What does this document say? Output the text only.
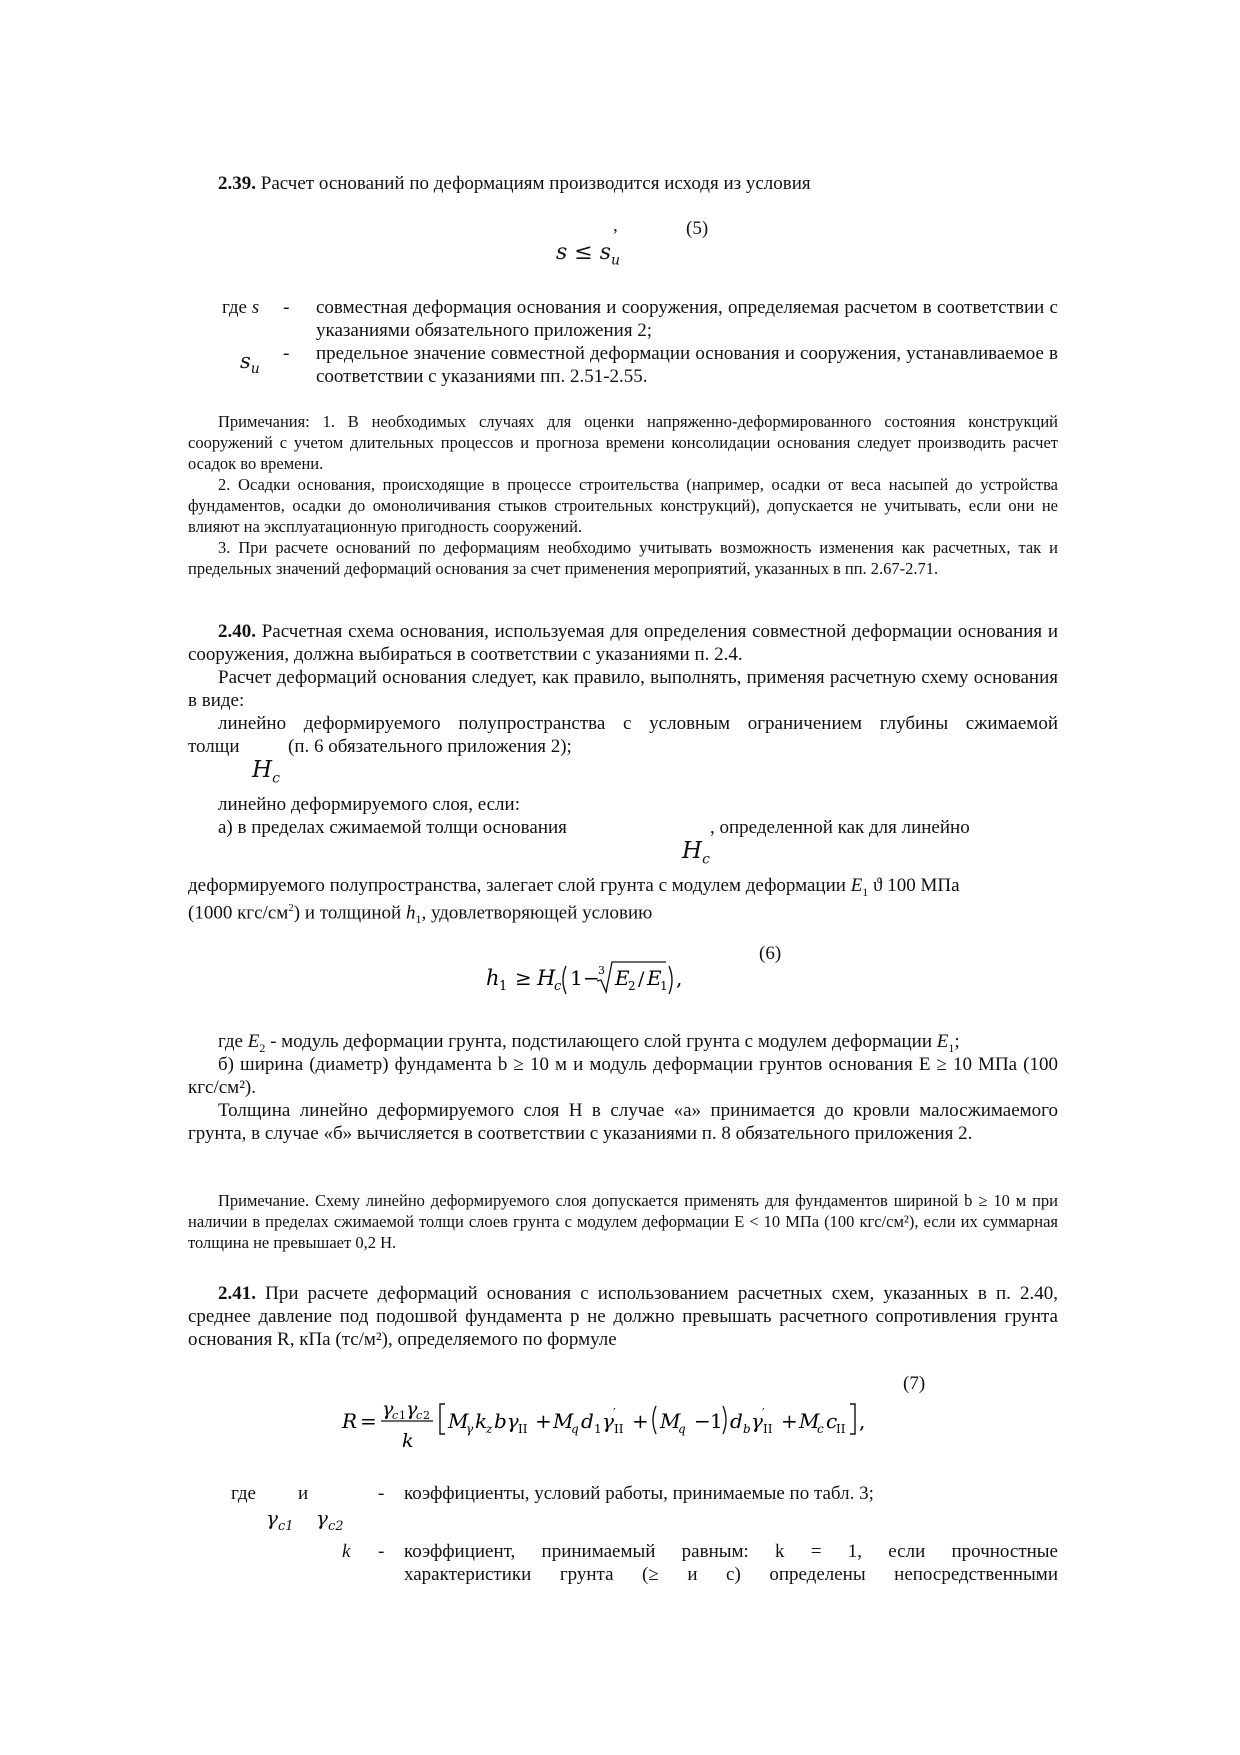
2.39. Расчет оснований по деформациям производится исходя из условия
,	(5)
$s \le s_u$
где s - совместная деформация основания и сооружения, определяемая расчетом в соответствии с указаниями обязательного приложения 2;
$s_u$
- предельное значение совместной деформации основания и сооружения, устанавливаемое в соответствии с указаниями пп. 2.51-2.55.
Примечания: 1. В необходимых случаях для оценки напряженно-деформированного состояния конструкций сооружений с учетом длительных процессов и прогноза времени консолидации основания следует производить расчет осадок во времени.
2. Осадки основания, происходящие в процессе строительства (например, осадки от веса насыпей до устройства фундаментов, осадки до омоноличивания стыков строительных конструкций), допускается не учитывать, если они не влияют на эксплуатационную пригодность сооружений.
3. При расчете оснований по деформациям необходимо учитывать возможность изменения как расчетных, так и предельных значений деформаций основания за счет применения мероприятий, указанных в пп. 2.67-2.71.
2.40. Расчетная схема основания, используемая для определения совместной деформации основания и сооружения, должна выбираться в соответствии с указаниями п. 2.4.
Расчет деформаций основания следует, как правило, выполнять, применяя расчетную схему основания в виде:
линейно деформируемого полупространства с условным ограничением глубины сжимаемой
толщи	(п. 6 обязательного приложения 2);
$H_c$
линейно деформируемого слоя, если:
а) в пределах сжимаемой толщи основания	, определенной как для линейно
$H_c$
деформируемого полупространства, залегает слой грунта с модулем деформации $E_1$ ϑ 100 МПа
(1000 кгс/$см^2$) и толщиной $h_1$, удовлетворяющей условию
(6)
h 1 ≥ H
c 1 −
3 E
2 / E
1 ,
где $E_2$ - модуль деформации грунта, подстилающего слой грунта с модулем деформации $E_1$;
б) ширина (диаметр) фундамента b ≥ 10 м и модуль деформации грунтов основания E ≥ 10 МПа (100 кгс/см²).
Толщина линейно деформируемого слоя H в случае «а» принимается до кровли малосжимаемого грунта, в случае «б» вычисляется в соответствии с указаниями п. 8 обязательного приложения 2.
Примечание. Схему линейно деформируемого слоя допускается применять для фундаментов шириной b ≥ 10 м при наличии в пределах сжимаемой толщи слоев грунта с модулем деформации E < 10 МПа (100 кгс/см²), если их суммарная толщина не превышает 0,2 H.
2.41. При расчете деформаций основания с использованием расчетных схем, указанных в п. 2.40, среднее давление под подошвой фундамента p не должно превышать расчетного сопротивления грунта основания R, кПа (тс/м²), определяемого по формуле
(7)
R = γ
c 1 γ
c 2
k
M
γ k
z bγ II + M
q d 1 γ ′
II + M
q − 1 d b γ ′
II + M
c c
II ,
где и	- коэффициенты, условий работы, принимаемые по табл. 3;
$\gamma_{c1}$ $\gamma_{c2}$
k - коэффициент, принимаемый равным: k = 1, если прочностные
характеристики грунта (≥ и c) определены непосредственными
